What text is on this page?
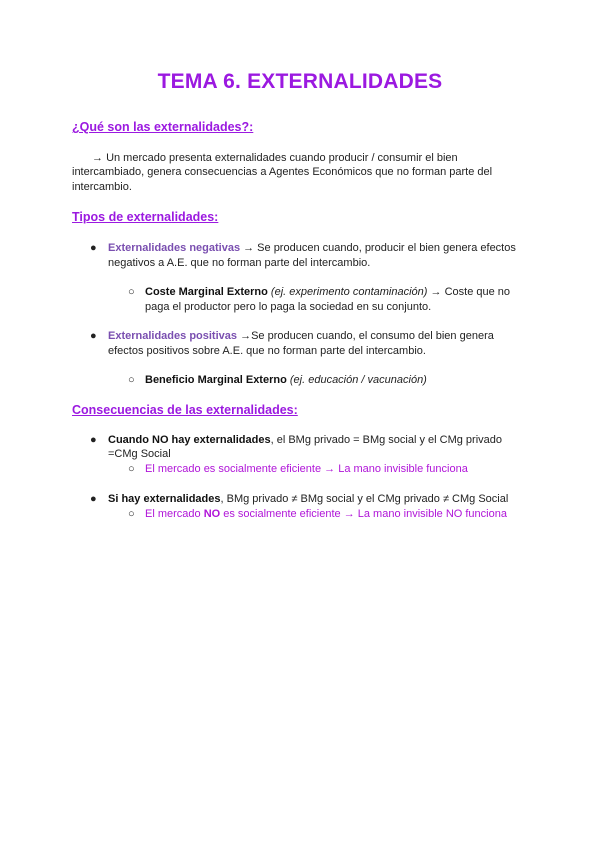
TEMA 6. EXTERNALIDADES
¿Qué son las externalidades?:
→ Un mercado presenta externalidades cuando producir / consumir el bien
intercambiado, genera consecuencias a Agentes Económicos que no forman parte del
intercambio.
Tipos de externalidades:
● Externalidades negativas → Se producen cuando, producir el bien genera efectos
negativos a A.E. que no forman parte del intercambio.
○ Coste Marginal Externo (ej. experimento contaminación) → Coste que no
paga el productor pero lo paga la sociedad en su conjunto.
● Externalidades positivas →Se producen cuando, el consumo del bien genera
efectos positivos sobre A.E. que no forman parte del intercambio.
○ Beneficio Marginal Externo (ej. educación / vacunación)
Consecuencias de las externalidades:
● Cuando NO hay externalidades, el BMg privado = BMg social y el CMg privado
=CMg Social
○ El mercado es socialmente eficiente → La mano invisible funciona
● Si hay externalidades, BMg privado ≠ BMg social y el CMg privado ≠ CMg Social
○ El mercado NO es socialmente eficiente → La mano invisible NO funciona
